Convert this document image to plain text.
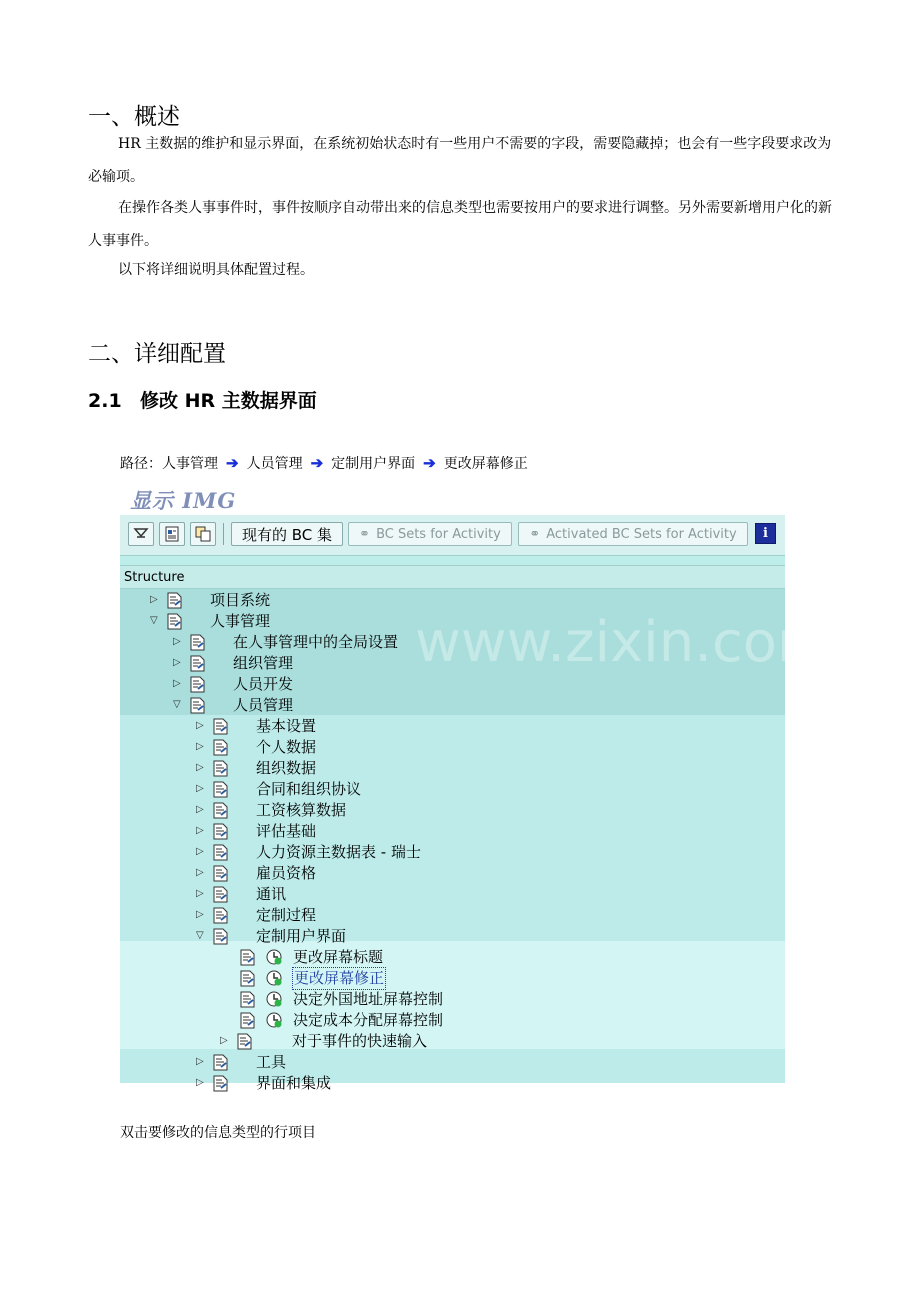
一、概述

HR 主数据的维护和显示界面，在系统初始状态时有一些用户不需要的字段，需要隐藏掉；也会有一些字段要求改为必输项。

在操作各类人事事件时，事件按顺序自动带出来的信息类型也需要按用户的要求进行调整。另外需要新增用户化的新人事事件。

以下将详细说明具体配置过程。

二、详细配置
2.1 修改 HR 主数据界面
路径： 人事管理 ➔ 人员管理 ➔ 定制用户界面 ➔ 更改屏幕修正
显示 IMG
现有的 BC 集	⚭ BC Sets for Activity ⚭ Activated BC Sets for Activity	i
Structure
www.zixin.com.cn
▷	项目系统
▽	人事管理
▷	在人事管理中的全局设置
▷	组织管理
▷	人员开发
▽	人员管理
▷	基本设置
▷	个人数据
▷	组织数据
▷	合同和组织协议
▷	工资核算数据
▷	评估基础
▷	人力资源主数据表 - 瑞士
▷	雇员资格
▷	通讯
▷	定制过程
▽	定制用户界面
更改屏幕标题
更改屏幕修正
决定外国地址屏幕控制
决定成本分配屏幕控制
▷	对于事件的快速输入
▷	工具
▷	界面和集成
双击要修改的信息类型的行项目
